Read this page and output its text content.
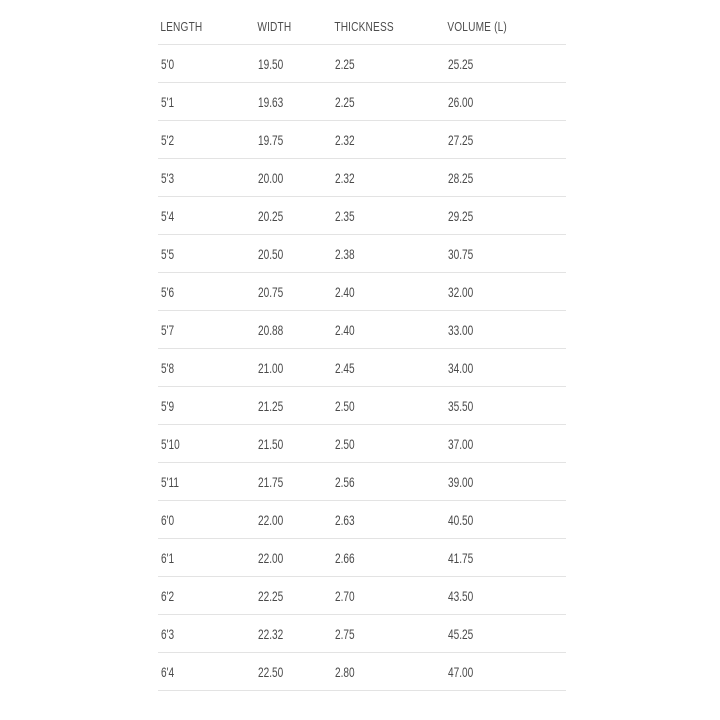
LENGTH	WIDTH	THICKNESS	VOLUME (L)
5'0	19.50	2.25	25.25
5'1	19.63	2.25	26.00
5'2	19.75	2.32	27.25
5'3	20.00	2.32	28.25
5'4	20.25	2.35	29.25
5'5	20.50	2.38	30.75
5'6	20.75	2.40	32.00
5'7	20.88	2.40	33.00
5'8	21.00	2.45	34.00
5'9	21.25	2.50	35.50
5'10	21.50	2.50	37.00
5'11	21.75	2.56	39.00
6'0	22.00	2.63	40.50
6'1	22.00	2.66	41.75
6'2	22.25	2.70	43.50
6'3	22.32	2.75	45.25
6'4	22.50	2.80	47.00
